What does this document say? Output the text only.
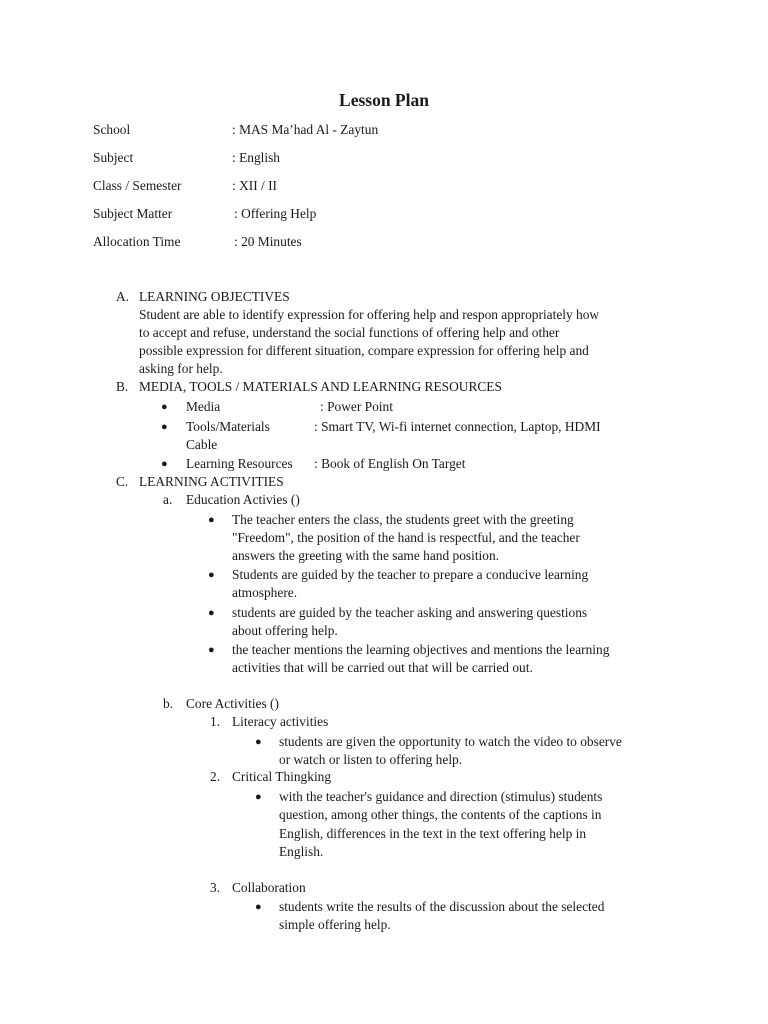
Lesson Plan
School	: MAS Ma’had Al - Zaytun
Subject	: English
Class / Semester	: XII / II
Subject Matter	: Offering Help
Allocation Time	: 20 Minutes
A. LEARNING OBJECTIVES
Student are able to identify expression for offering help and respon appropriately how
to accept and refuse, understand the social functions of offering help and other
possible expression for different situation, compare expression for offering help and
asking for help.
B. MEDIA, TOOLS / MATERIALS AND LEARNING RESOURCES
● Media	: Power Point
● Tools/Materials	: Smart TV, Wi-fi internet connection, Laptop, HDMI
Cable
● Learning Resources : Book of English On Target
C. LEARNING ACTIVITIES
a. Education Activies ()
● The teacher enters the class, the students greet with the greeting
"Freedom", the position of the hand is respectful, and the teacher
answers the greeting with the same hand position.
● Students are guided by the teacher to prepare a conducive learning
atmosphere.
● students are guided by the teacher asking and answering questions
about offering help.
● the teacher mentions the learning objectives and mentions the learning
activities that will be carried out that will be carried out.
b. Core Activities ()
1. Literacy activities
● students are given the opportunity to watch the video to observe
or watch or listen to offering help.
2. Critical Thingking
● with the teacher's guidance and direction (stimulus) students
question, among other things, the contents of the captions in
English, differences in the text in the text offering help in
English.
3. Collaboration
● students write the results of the discussion about the selected
simple offering help.
